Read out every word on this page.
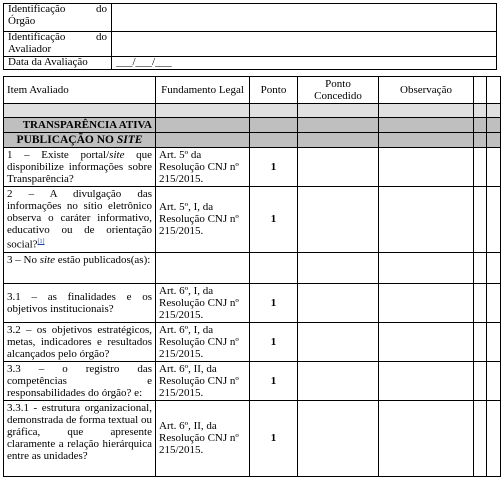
Identificação do
Órgão	

Identificação do
Avaliador	

Data da Avaliação	___/___/___
Item Avaliado	Fundamento Legal	Ponto	Ponto Concedido	Observação		

TRANSPARÊNCIA ATIVA						
PUBLICAÇÃO NO SITE						
1 – Existe portal/site que disponibilize informações sobre Transparência?	Art. 5º da Resolução CNJ nº 215/2015.	1				
2 – A divulgação das informações no sítio eletrônico observa o caráter informativo, educativo ou de orientação social?[1]	Art. 5º, I, da Resolução CNJ nº 215/2015.	1				
3 – No site estão publicados(as):						
3.1 – as finalidades e os objetivos institucionais?	Art. 6º, I, da Resolução CNJ nº 215/2015.	1				
3.2 – os objetivos estratégicos, metas, indicadores e resultados alcançados pelo órgão?	Art. 6º, I, da Resolução CNJ nº 215/2015.	1				
3.3 – o registro das competências e responsabilidades do órgão? e:	Art. 6º, II, da Resolução CNJ nº 215/2015.	1				
3.3.1 - estrutura organizacional, demonstrada de forma textual ou gráfica, que apresente claramente a relação hierárquica entre as unidades?	Art. 6º, II, da Resolução CNJ nº 215/2015.	1				
